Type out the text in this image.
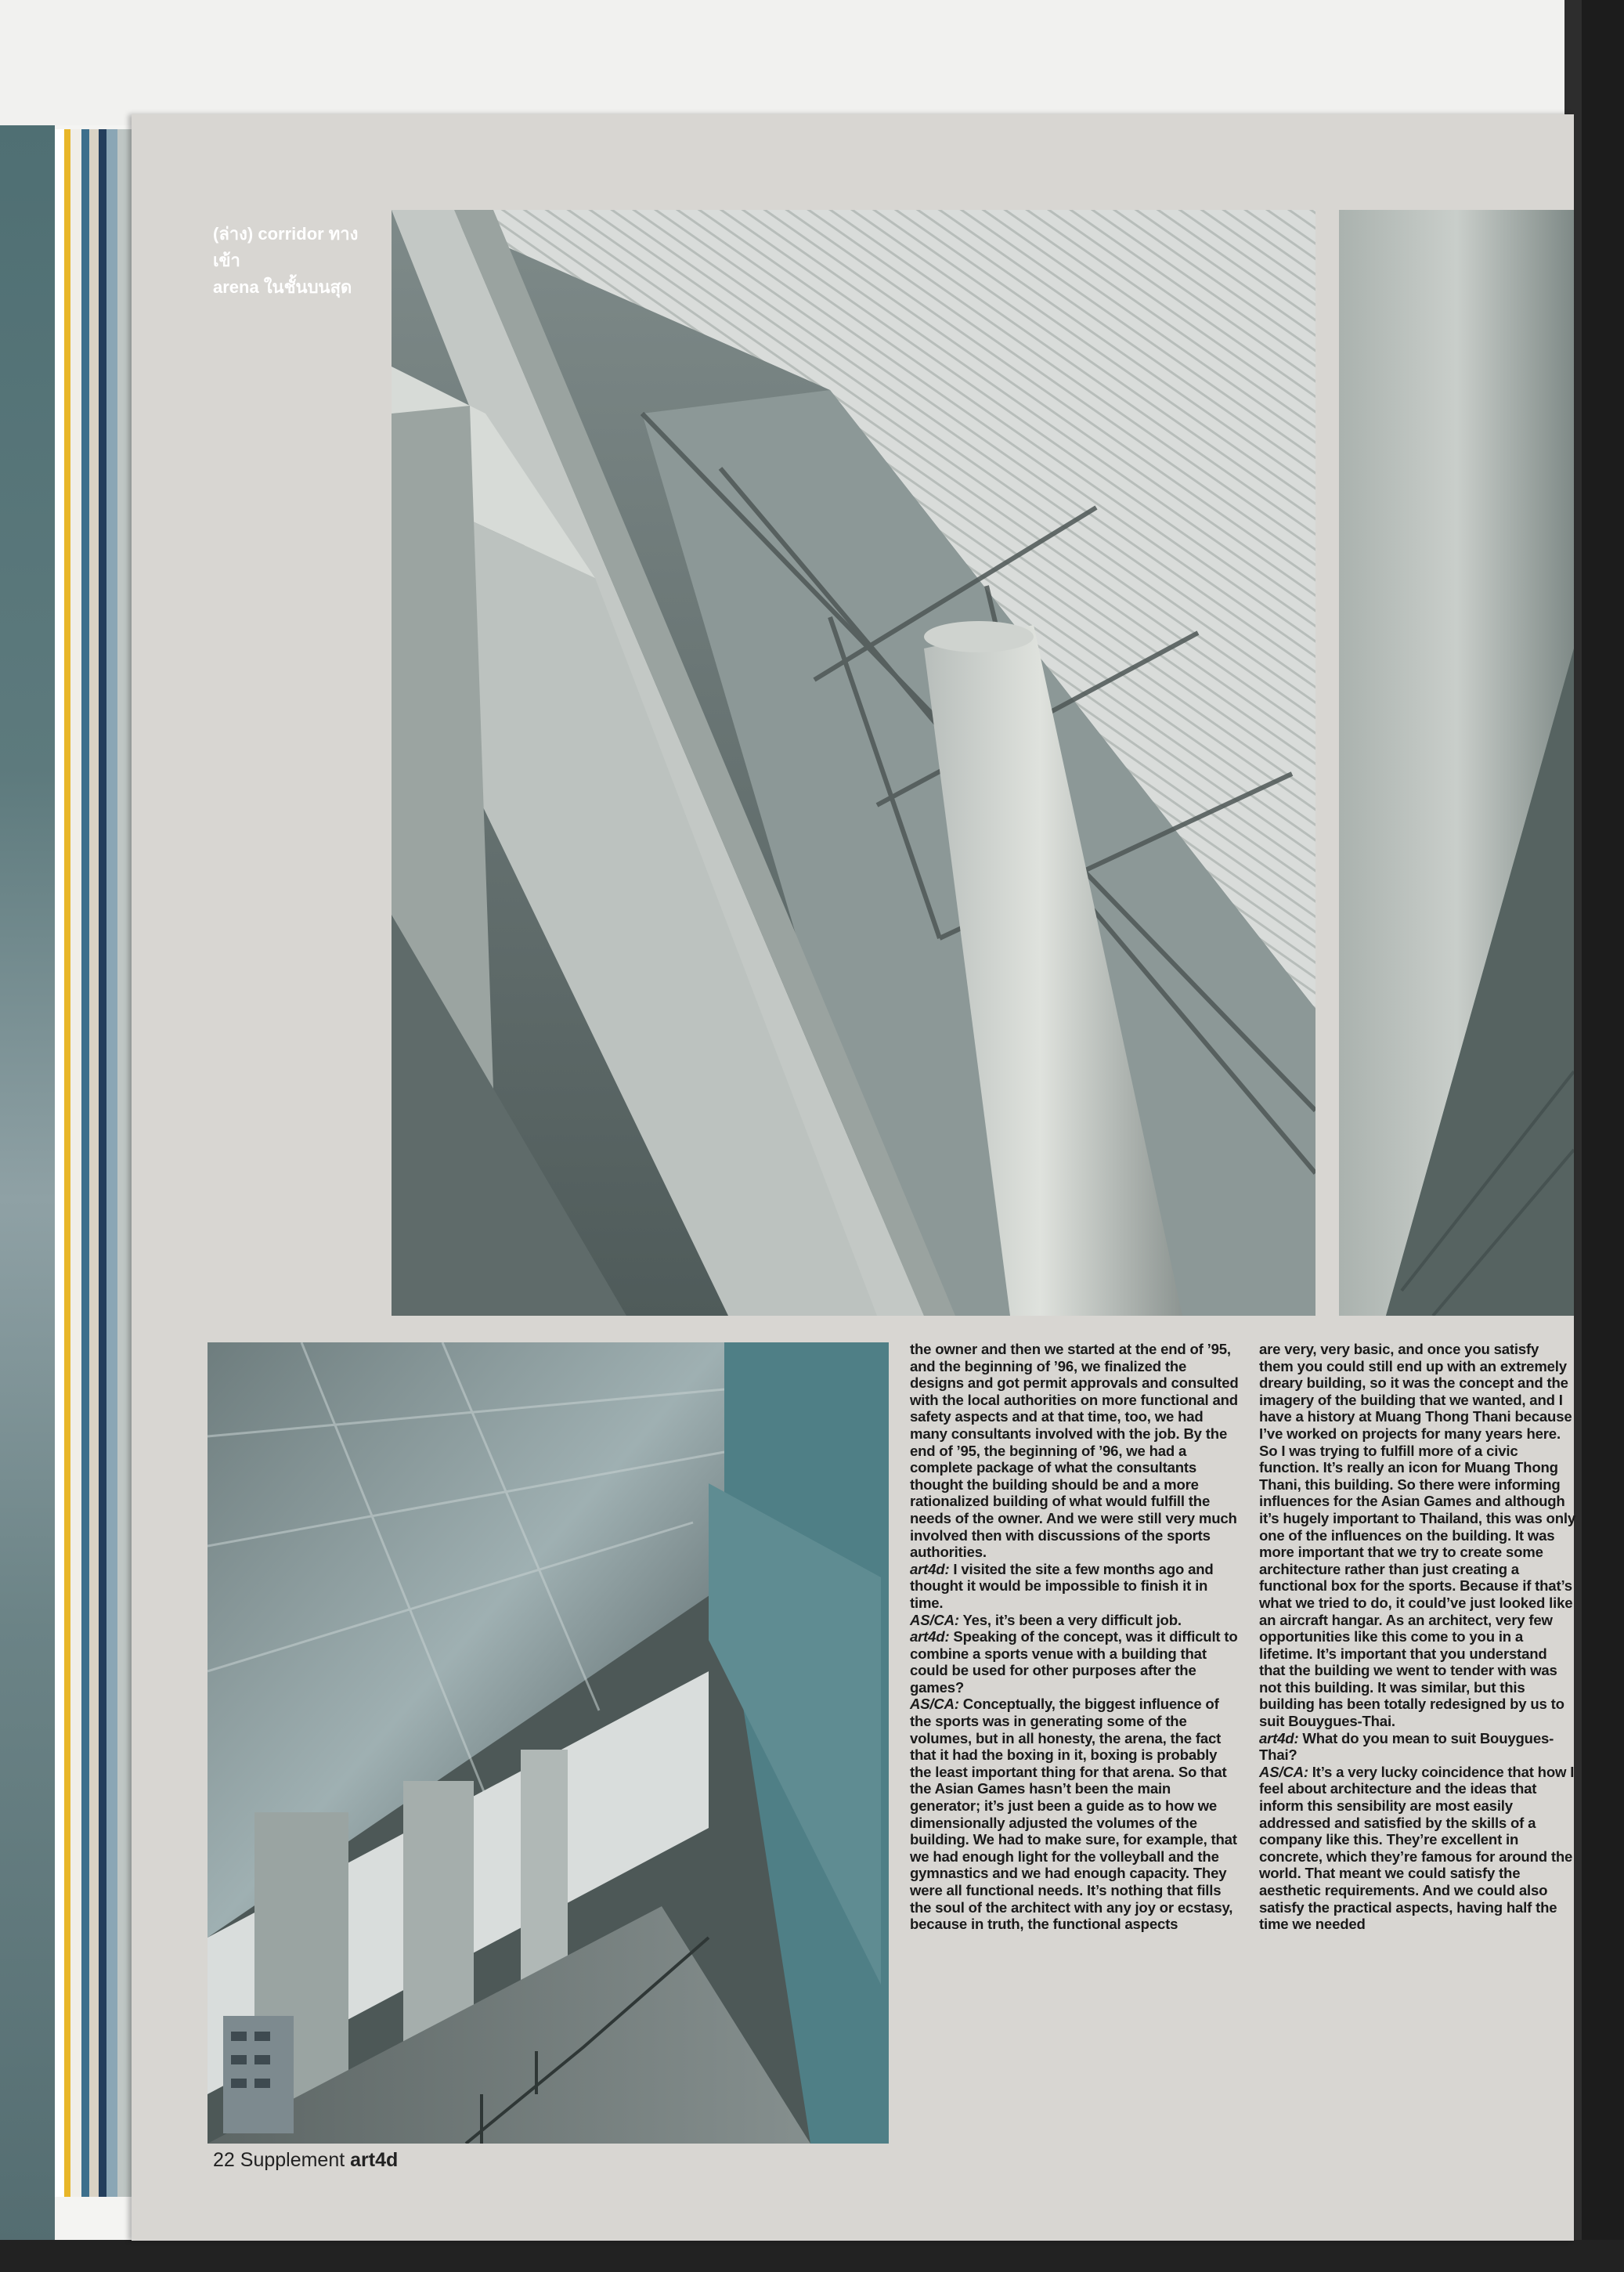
(ล่าง) corridor ทางเข้า
arena ในชั้นบนสุด

the owner and then we started at the end of ’95, and the beginning of ’96, we finalized the designs and got permit approvals and consulted with the local authorities on more functional and safety aspects and at that time, too, we had many consultants involved with the job. By the end of ’95, the beginning of ’96, we had a complete package of what the consultants thought the building should be and a more rationalized building of what would fulfill the needs of the owner. And we were still very much involved then with discussions of the sports authorities.

art4d: I visited the site a few months ago and thought it would be impossible to finish it in time.

AS/CA: Yes, it’s been a very difficult job.

art4d: Speaking of the concept, was it difficult to combine a sports venue with a building that could be used for other purposes after the games?

AS/CA: Conceptually, the biggest influence of the sports was in generating some of the volumes, but in all honesty, the arena, the fact that it had the boxing in it, boxing is probably the least important thing for that arena. So that the Asian Games hasn’t been the main generator; it’s just been a guide as to how we dimensionally adjusted the volumes of the building. We had to make sure, for example, that we had enough light for the volleyball and the gymnastics and we had enough capacity. They were all functional needs. It’s nothing that fills the soul of the architect with any joy or ecstasy, because in truth, the functional aspects

are very, very basic, and once you satisfy them you could still end up with an extremely dreary building, so it was the concept and the imagery of the building that we wanted, and I have a history at Muang Thong Thani because I’ve worked on projects for many years here. So I was trying to fulfill more of a civic function. It’s really an icon for Muang Thong Thani, this building. So there were informing influences for the Asian Games and although it’s hugely important to Thailand, this was only one of the influences on the building. It was more important that we try to create some architecture rather than just creating a functional box for the sports. Because if that’s what we tried to do, it could’ve just looked like an aircraft hangar. As an architect, very few opportunities like this come to you in a lifetime. It’s important that you understand that the building we went to tender with was not this building. It was similar, but this building has been totally redesigned by us to suit Bouygues-Thai.

art4d: What do you mean to suit Bouygues-Thai?

AS/CA: It’s a very lucky coincidence that how I feel about architecture and the ideas that inform this sensibility are most easily addressed and satisfied by the skills of a company like this. They’re excellent in concrete, which they’re famous for around the world. That meant we could satisfy the aesthetic requirements. And we could also satisfy the practical aspects, having half the time we needed

22 Supplement art4d
